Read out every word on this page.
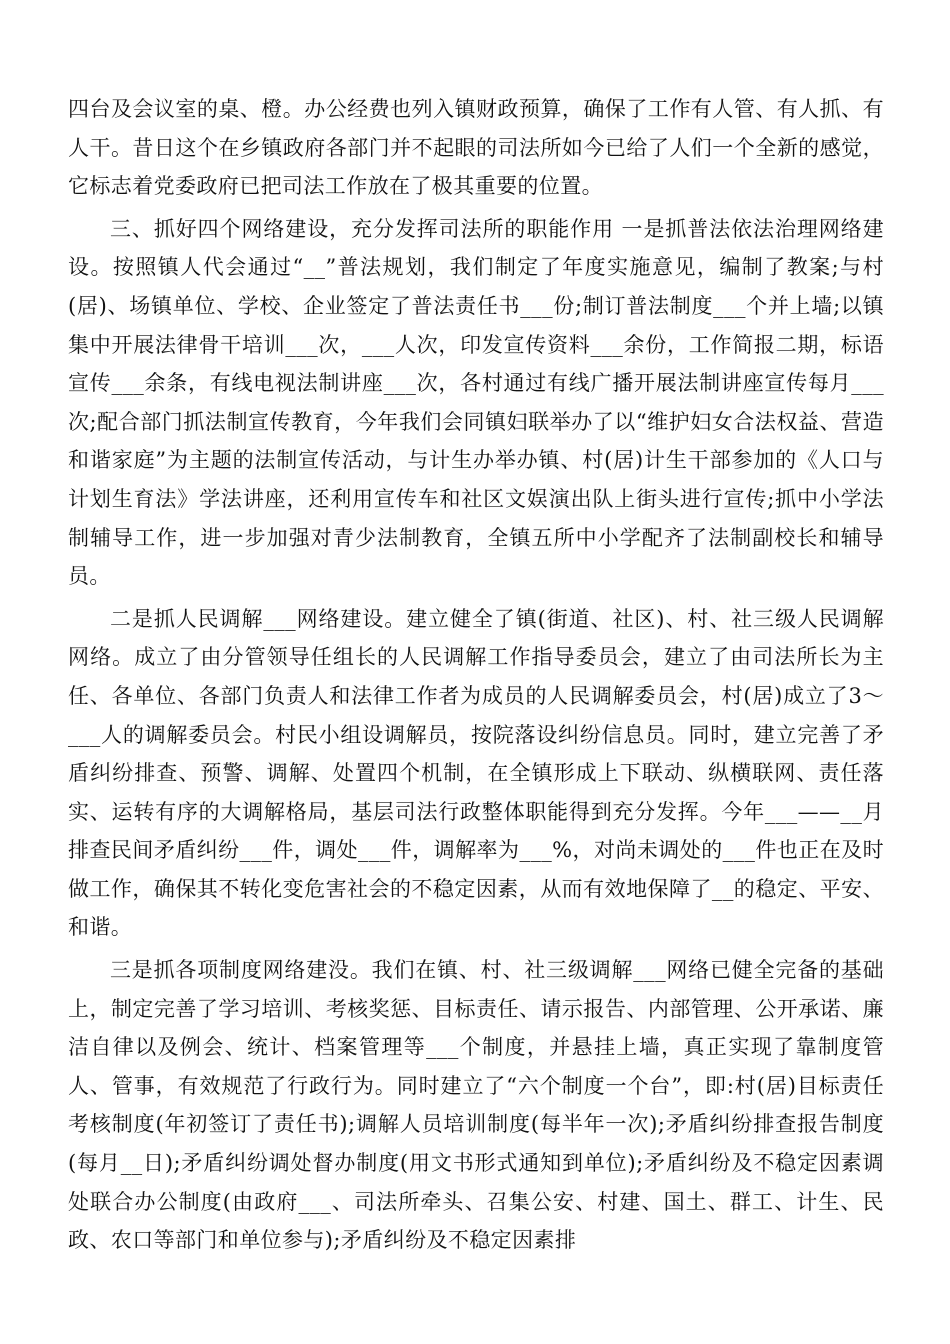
四台及会议室的桌、橙。办公经费也列入镇财政预算，确保了工作有人管、有人抓、有人干。昔日这个在乡镇政府各部门并不起眼的司法所如今已给了人们一个全新的感觉，它标志着党委政府已把司法工作放在了极其重要的位置。

三、抓好四个网络建设，充分发挥司法所的职能作用 一是抓普法依法治理网络建设。按照镇人代会通过“__”普法规划，我们制定了年度实施意见，编制了教案;与村(居)、场镇单位、学校、企业签定了普法责任书___份;制订普法制度___个并上墙;以镇集中开展法律骨干培训___次，___人次，印发宣传资料___余份，工作简报二期，标语宣传___余条，有线电视法制讲座___次，各村通过有线广播开展法制讲座宣传每月___次;配合部门抓法制宣传教育，今年我们会同镇妇联举办了以“维护妇女合法权益、营造和谐家庭”为主题的法制宣传活动，与计生办举办镇、村(居)计生干部参加的《人口与计划生育法》学法讲座，还利用宣传车和社区文娱演出队上街头进行宣传;抓中小学法制辅导工作，进一步加强对青少法制教育，全镇五所中小学配齐了法制副校长和辅导员。

二是抓人民调解___网络建设。建立健全了镇(街道、社区)、村、社三级人民调解网络。成立了由分管领导任组长的人民调解工作指导委员会，建立了由司法所长为主任、各单位、各部门负责人和法律工作者为成员的人民调解委员会，村(居)成立了3～___人的调解委员会。村民小组设调解员，按院落设纠纷信息员。同时，建立完善了矛盾纠纷排查、预警、调解、处置四个机制，在全镇形成上下联动、纵横联网、责任落实、运转有序的大调解格局，基层司法行政整体职能得到充分发挥。今年___——__月排查民间矛盾纠纷___件，调处___件，调解率为___%，对尚未调处的___件也正在及时做工作，确保其不转化变危害社会的不稳定因素，从而有效地保障了__的稳定、平安、和谐。

三是抓各项制度网络建没。我们在镇、村、社三级调解___网络已健全完备的基础上，制定完善了学习培训、考核奖惩、目标责任、请示报告、内部管理、公开承诺、廉洁自律以及例会、统计、档案管理等___个制度，并悬挂上墙，真正实现了靠制度管人、管事，有效规范了行政行为。同时建立了“六个制度一个台”，即:村(居)目标责任考核制度(年初签订了责任书);调解人员培训制度(每半年一次);矛盾纠纷排查报告制度(每月__日);矛盾纠纷调处督办制度(用文书形式通知到单位);矛盾纠纷及不稳定因素调处联合办公制度(由政府___、司法所牵头、召集公安、村建、国土、群工、计生、民政、农口等部门和单位参与);矛盾纠纷及不稳定因素排
